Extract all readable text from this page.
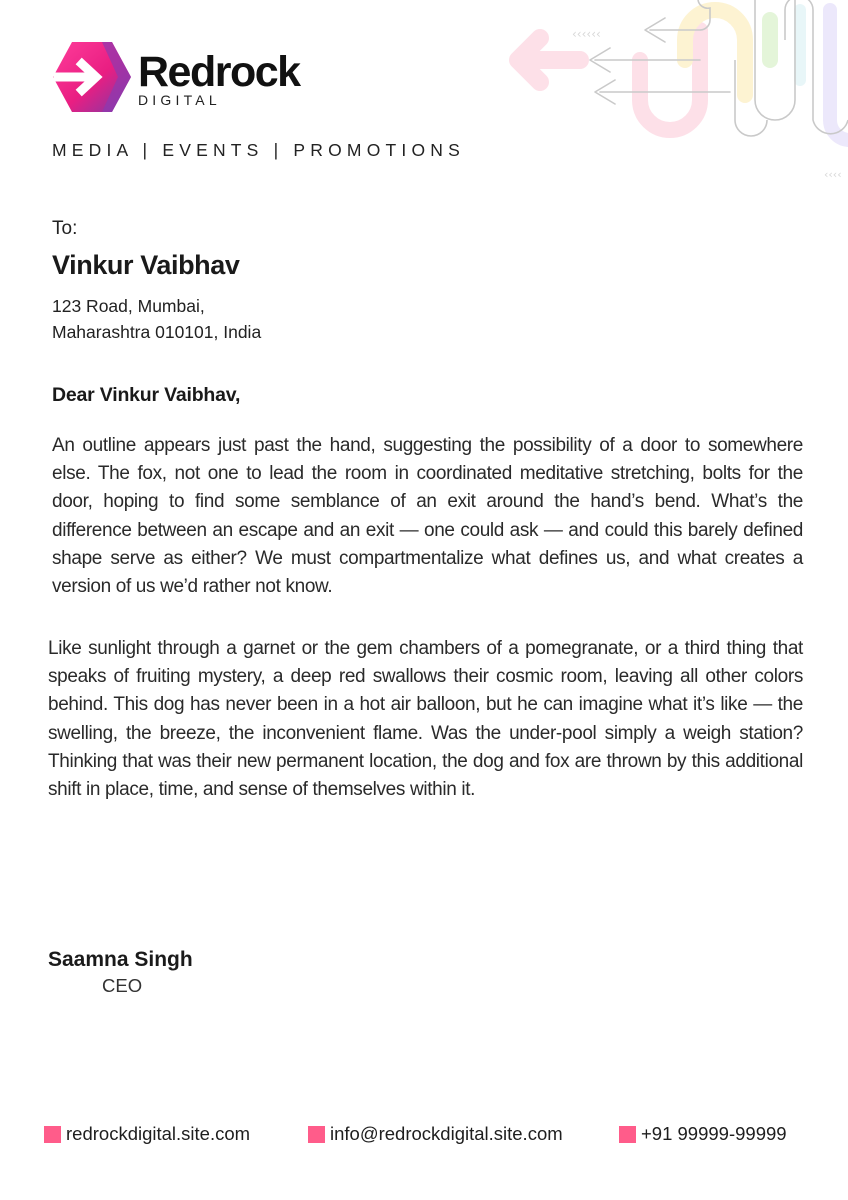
‹‹‹‹‹‹
‹‹‹‹
Redrock
DIGITAL
MEDIA | EVENTS | PROMOTIONS
To:
Vinkur Vaibhav
123 Road, Mumbai,
Maharashtra 010101, India
Dear Vinkur Vaibhav,

An outline appears just past the hand, suggesting the possibility of a door to somewhere else. The fox, not one to lead the room in coordinated meditative stretching, bolts for the door, hoping to find some semblance of an exit around the hand’s bend. What’s the difference between an escape and an exit — one could ask — and could this barely defined shape serve as either? We must compartmentalize what defines us, and what creates a version of us we’d rather not know.

Like sunlight through a garnet or the gem chambers of a pomegranate, or a third thing that speaks of fruiting mystery, a deep red swallows their cosmic room, leaving all other colors behind. This dog has never been in a hot air balloon, but he can imagine what it’s like — the swelling, the breeze, the inconvenient flame. Was the under-pool simply a weigh station? Thinking that was their new permanent location, the dog and fox are thrown by this additional shift in place, time, and sense of themselves within it.

Saamna Singh
CEO
redrockdigital.site.com	info@redrockdigital.site.com	+91 99999-99999
